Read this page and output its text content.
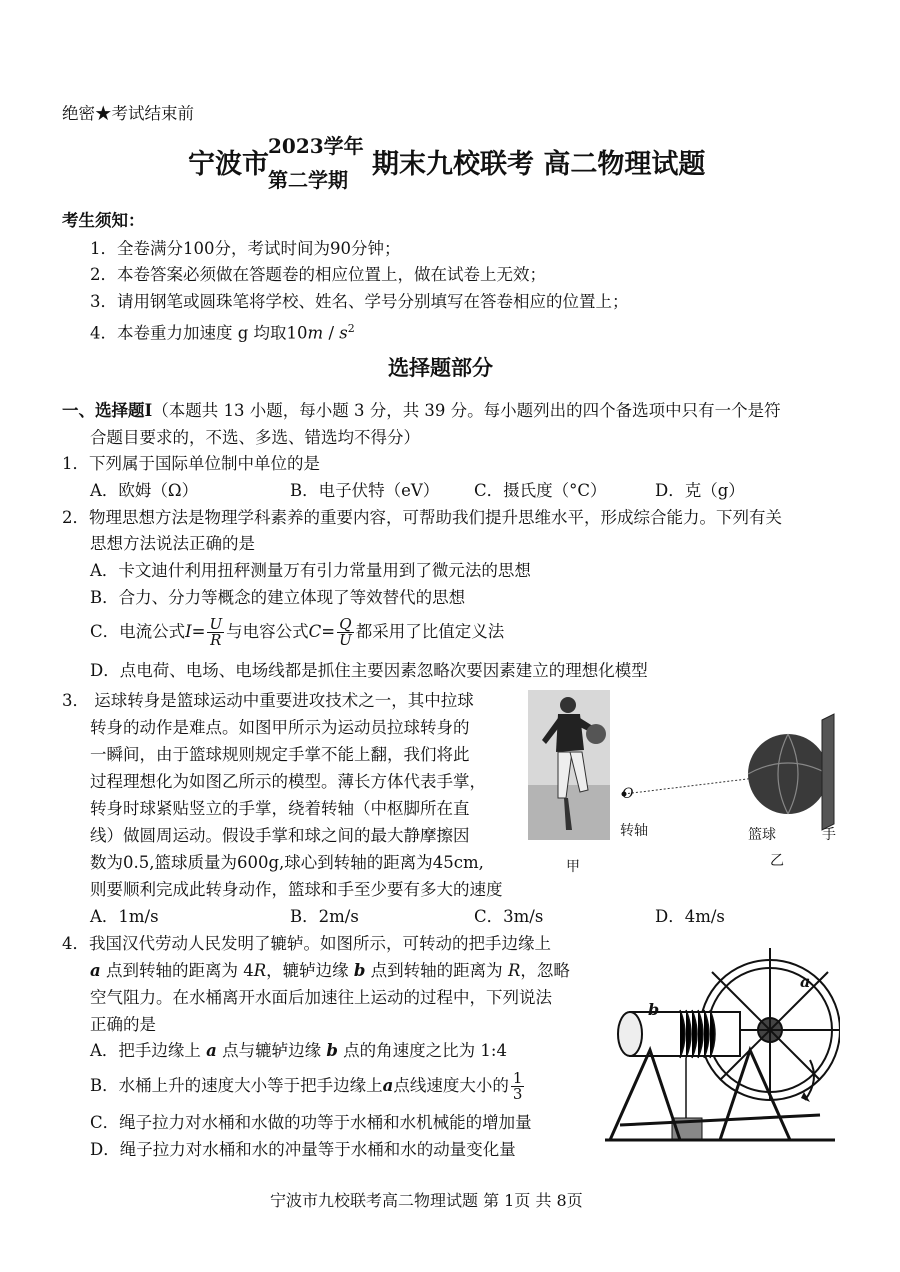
绝密★考试结束前
宁波市
2023学年
第二学期 期末九校联考 高二物理试题
考生须知：
1．全卷满分100分，考试时间为90分钟；
2．本卷答案必须做在答题卷的相应位置上，做在试卷上无效；
3．请用钢笔或圆珠笔将学校、姓名、学号分别填写在答卷相应的位置上；
4．本卷重力加速度 g 均取$10m / s^2$
选择题部分
一、选择题Ⅰ（本题共 13 小题，每小题 3 分，共 39 分。每小题列出的四个备选项中只有一个是符
合题目要求的，不选、多选、错选均不得分）
1．下列属于国际单位制中单位的是
A．欧姆（Ω）	B．电子伏特（eV） C．摄氏度（°C）	D．克（g）
2．物理思想方法是物理学科素养的重要内容，可帮助我们提升思维水平，形成综合能力。下列有关
思想方法说法正确的是
A．卡文迪什利用扭秤测量万有引力常量用到了微元法的思想
B．合力、分力等概念的建立体现了等效替代的思想
C．电流公式 $I = \frac{U}{R}$ 与电容公式 $C = \frac{Q}{U}$ 都采用了比值定义法
D．点电荷、电场、电场线都是抓住主要因素忽略次要因素建立的理想化模型
3． 运球转身是篮球运动中重要进攻技术之一，其中拉球
转身的动作是难点。如图甲所示为运动员拉球转身的
一瞬间，由于篮球规则规定手掌不能上翻，我们将此
过程理想化为如图乙所示的模型。薄长方体代表手掌，
转身时球紧贴竖立的手掌，绕着转轴（中枢脚所在直
线）做圆周运动。假设手掌和球之间的最大静摩擦因
数为0.5,篮球质量为600g,球心到转轴的距离为45cm,
则要顺利完成此转身动作，篮球和手至少要有多大的速度
A．1m/s	B．2m/s	C．3m/s	D．4m/s
甲
O
转轴	篮球	手
乙
4．我国汉代劳动人民发明了辘轳。如图所示，可转动的把手边缘上
a 点到转轴的距离为 4R，辘轳边缘 b 点到转轴的距离为 R，忽略
空气阻力。在水桶离开水面后加速往上运动的过程中，下列说法
正确的是
A．把手边缘上 a 点与辘轳边缘 b 点的角速度之比为 1:4
B．水桶上升的速度大小等于把手边缘上 a 点线速度大小的 $\frac{1}{3}$
C．绳子拉力对水桶和水做的功等于水桶和水机械能的增加量
D．绳子拉力对水桶和水的冲量等于水桶和水的动量变化量
a
b
宁波市九校联考高二物理试题 第 1页 共 8页
